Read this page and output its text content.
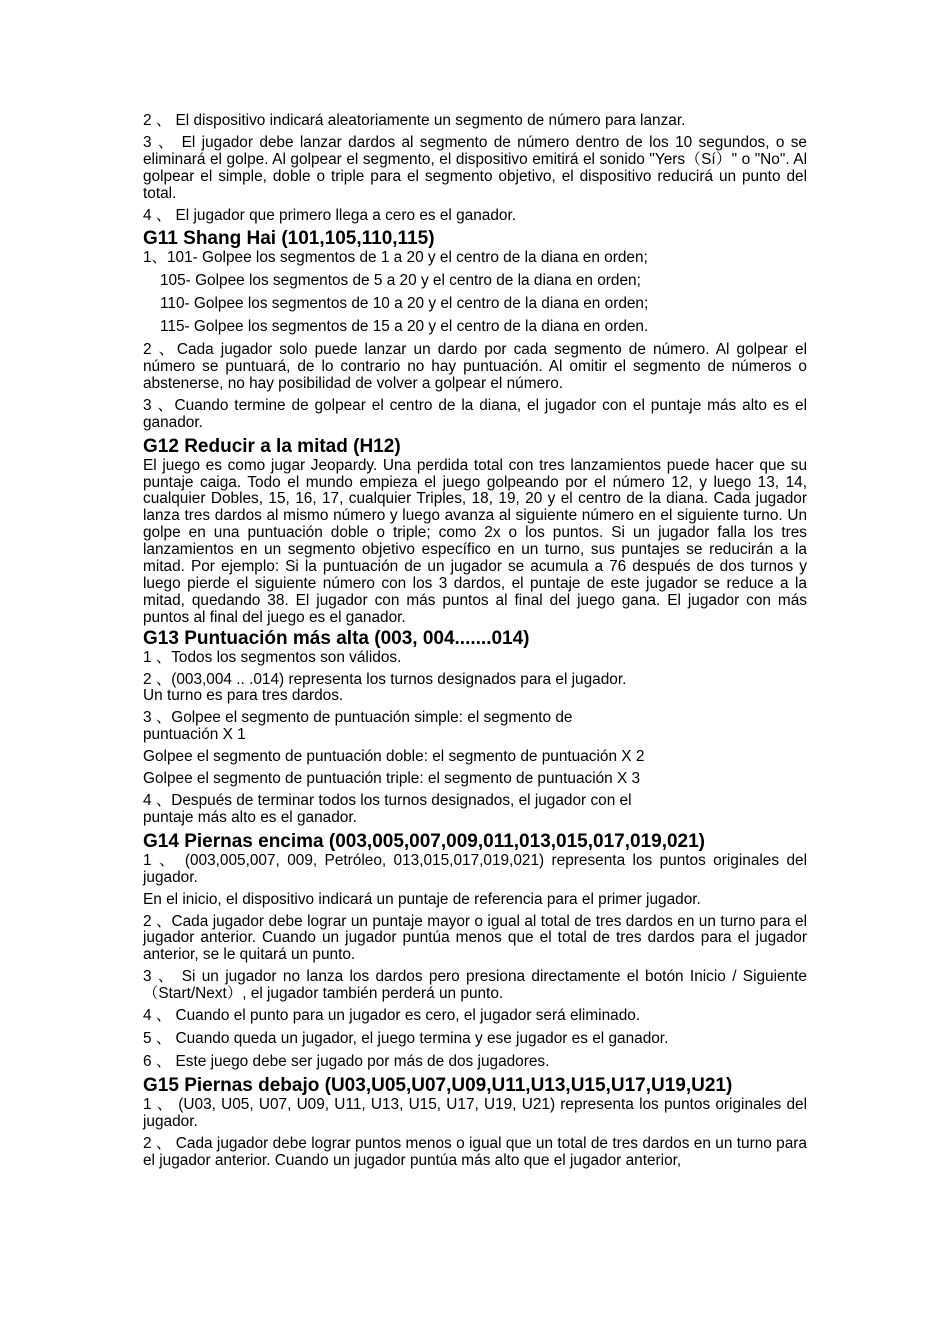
2 、 El dispositivo indicará aleatoriamente un segmento de número para lanzar.

3 、 El jugador debe lanzar dardos al segmento de número dentro de los 10 segundos, o se eliminará el golpe. Al golpear el segmento, el dispositivo emitirá el sonido "Yers（Sí）" o "No". Al golpear el simple, doble o triple para el segmento objetivo, el dispositivo reducirá un punto del total.

4 、 El jugador que primero llega a cero es el ganador.

G11 Shang Hai (101,105,110,115)

1、101- Golpee los segmentos de 1 a 20 y el centro de la diana en orden;

105- Golpee los segmentos de 5 a 20 y el centro de la diana en orden;

110- Golpee los segmentos de 10 a 20 y el centro de la diana en orden;

115- Golpee los segmentos de 15 a 20 y el centro de la diana en orden.

2 、Cada jugador solo puede lanzar un dardo por cada segmento de número. Al golpear el número se puntuará, de lo contrario no hay puntuación. Al omitir el segmento de números o abstenerse, no hay posibilidad de volver a golpear el número.

3 、Cuando termine de golpear el centro de la diana, el jugador con el puntaje más alto es el ganador.

G12 Reducir a la mitad (H12)

El juego es como jugar Jeopardy. Una perdida total con tres lanzamientos puede hacer que su puntaje caiga. Todo el mundo empieza el juego golpeando por el número 12, y luego 13, 14, cualquier Dobles, 15, 16, 17, cualquier Triples, 18, 19, 20 y el centro de la diana. Cada jugador lanza tres dardos al mismo número y luego avanza al siguiente número en el siguiente turno. Un golpe en una puntuación doble o triple; como 2x o los puntos. Si un jugador falla los tres lanzamientos en un segmento objetivo específico en un turno, sus puntajes se reducirán a la mitad. Por ejemplo: Si la puntuación de un jugador se acumula a 76 después de dos turnos y luego pierde el siguiente número con los 3 dardos, el puntaje de este jugador se reduce a la mitad, quedando 38. El jugador con más puntos al final del juego gana. El jugador con más puntos al final del juego es el ganador.

G13 Puntuación más alta (003, 004.......014)

1 、Todos los segmentos son válidos.

2 、(003,004 .. .014) representa los turnos designados para el jugador.

Un turno es para tres dardos.

3 、Golpee el segmento de puntuación simple: el segmento de

puntuación X 1

Golpee el segmento de puntuación doble: el segmento de puntuación X 2

Golpee el segmento de puntuación triple: el segmento de puntuación X 3

4 、Después de terminar todos los turnos designados, el jugador con el

puntaje más alto es el ganador.

G14 Piernas encima (003,005,007,009,011,013,015,017,019,021)

1 、 (003,005,007, 009, Petróleo, 013,015,017,019,021) representa los puntos originales del jugador.

En el inicio, el dispositivo indicará un puntaje de referencia para el primer jugador.

2 、Cada jugador debe lograr un puntaje mayor o igual al total de tres dardos en un turno para el jugador anterior. Cuando un jugador puntúa menos que el total de tres dardos para el jugador anterior, se le quitará un punto.

3 、 Si un jugador no lanza los dardos pero presiona directamente el botón Inicio / Siguiente（Start/Next）, el jugador también perderá un punto.

4 、 Cuando el punto para un jugador es cero, el jugador será eliminado.

5 、 Cuando queda un jugador, el juego termina y ese jugador es el ganador.

6 、 Este juego debe ser jugado por más de dos jugadores.

G15 Piernas debajo (U03,U05,U07,U09,U11,U13,U15,U17,U19,U21)

1 、 (U03, U05, U07, U09, U11, U13, U15, U17, U19, U21) representa los puntos originales del jugador.

2 、 Cada jugador debe lograr puntos menos o igual que un total de tres dardos en un turno para el jugador anterior. Cuando un jugador puntúa más alto que el jugador anterior,
